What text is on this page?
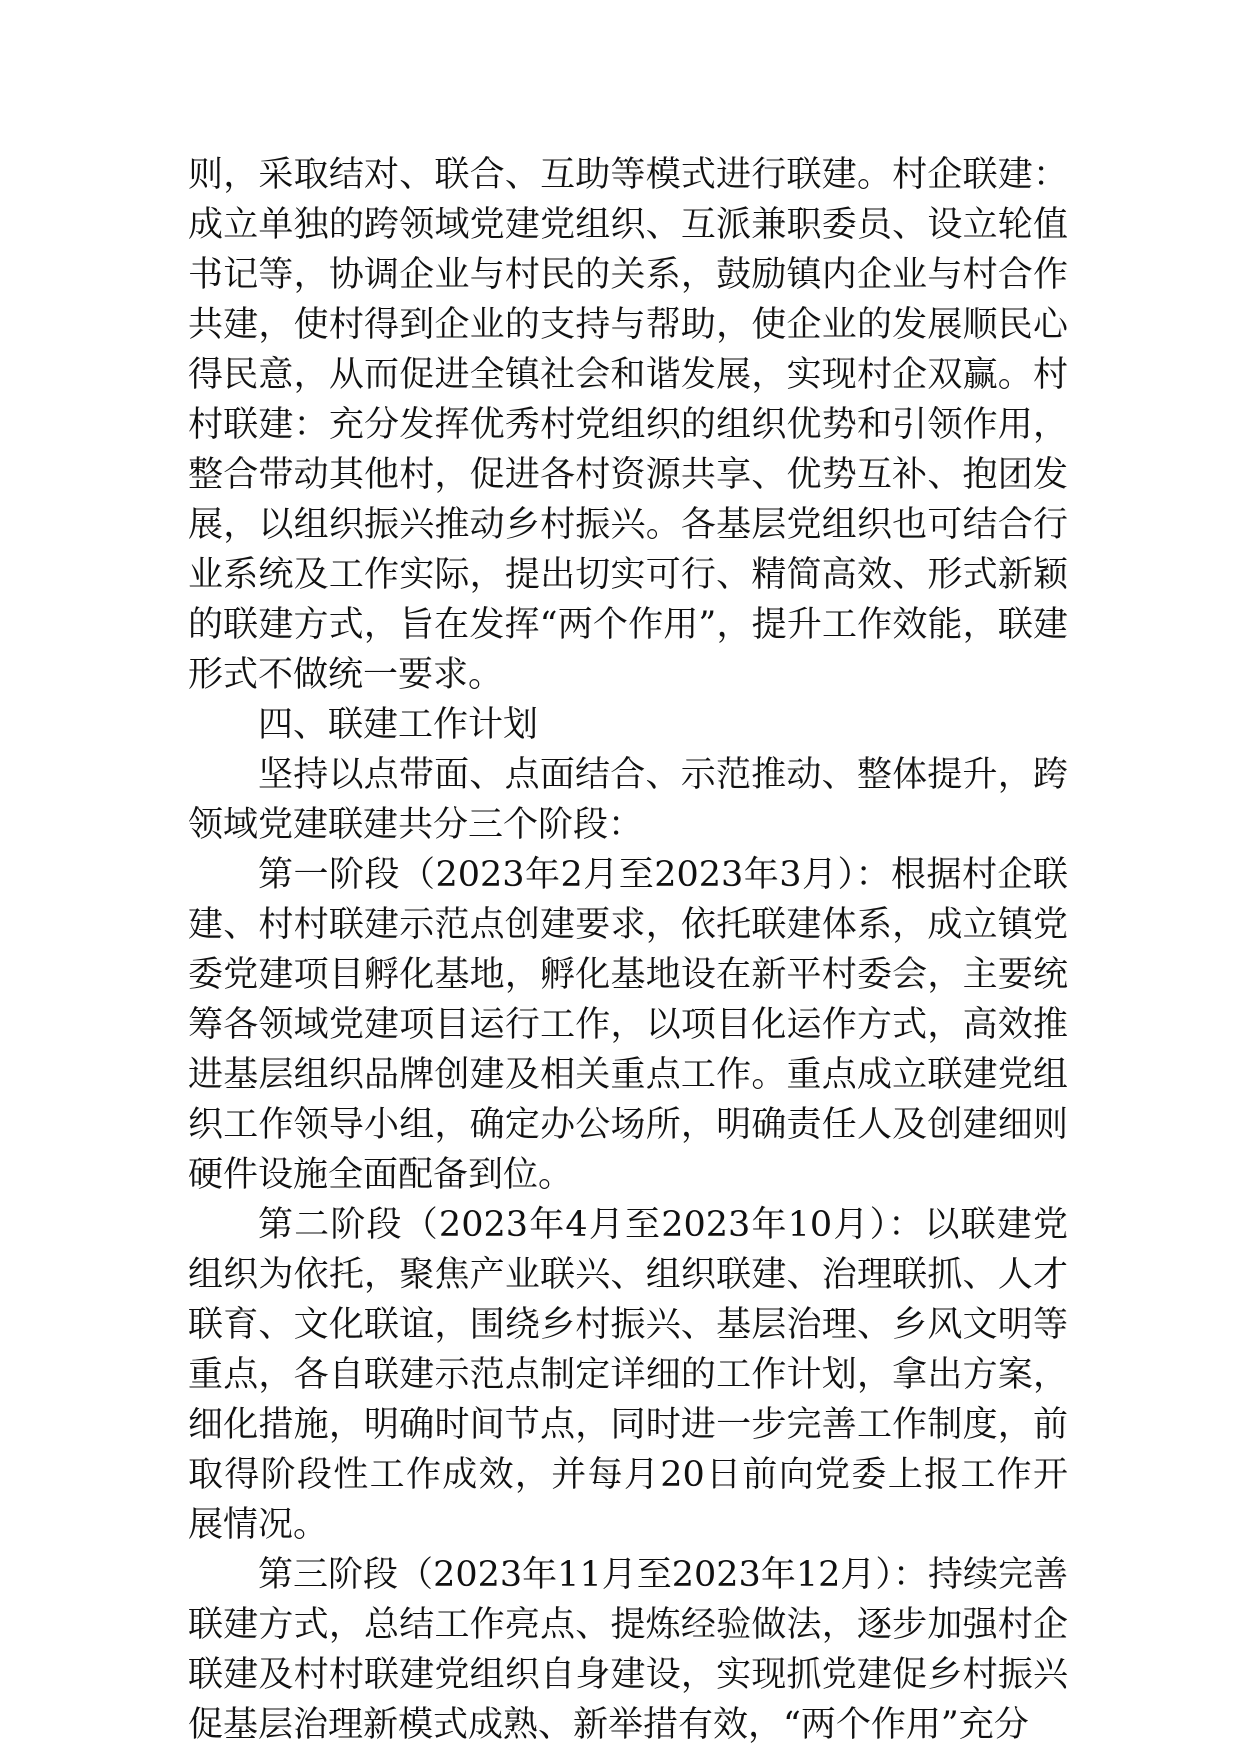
则，采取结对、联合、互助等模式进行联建。村企联建：成立单独的跨领域党建党组织、互派兼职委员、设立轮值书记等，协调企业与村民的关系，鼓励镇内企业与村合作共建，使村得到企业的支持与帮助，使企业的发展顺民心得民意，从而促进全镇社会和谐发展，实现村企双赢。村村联建：充分发挥优秀村党组织的组织优势和引领作用，整合带动其他村，促进各村资源共享、优势互补、抱团发展，以组织振兴推动乡村振兴。各基层党组织也可结合行业系统及工作实际，提出切实可行、精简高效、形式新颖的联建方式，旨在发挥“两个作用”，提升工作效能，联建形式不做统一要求。

四、联建工作计划

坚持以点带面、点面结合、示范推动、整体提升，跨领域党建联建共分三个阶段：

第一阶段（2023年2月至2023年3月）：根据村企联建、村村联建示范点创建要求，依托联建体系，成立镇党委党建项目孵化基地，孵化基地设在新平村委会，主要统筹各领域党建项目运行工作，以项目化运作方式，高效推进基层组织品牌创建及相关重点工作。重点成立联建党组织工作领导小组，确定办公场所，明确责任人及创建细则硬件设施全面配备到位。

第二阶段（2023年4月至2023年10月）：以联建党组织为依托，聚焦产业联兴、组织联建、治理联抓、人才联育、文化联谊，围绕乡村振兴、基层治理、乡风文明等重点，各自联建示范点制定详细的工作计划，拿出方案，细化措施，明确时间节点，同时进一步完善工作制度，前取得阶段性工作成效，并每月20日前向党委上报工作开展情况。

第三阶段（2023年11月至2023年12月）：持续完善联建方式，总结工作亮点、提炼经验做法，逐步加强村企联建及村村联建党组织自身建设，实现抓党建促乡村振兴促基层治理新模式成熟、新举措有效，“两个作用”充分
